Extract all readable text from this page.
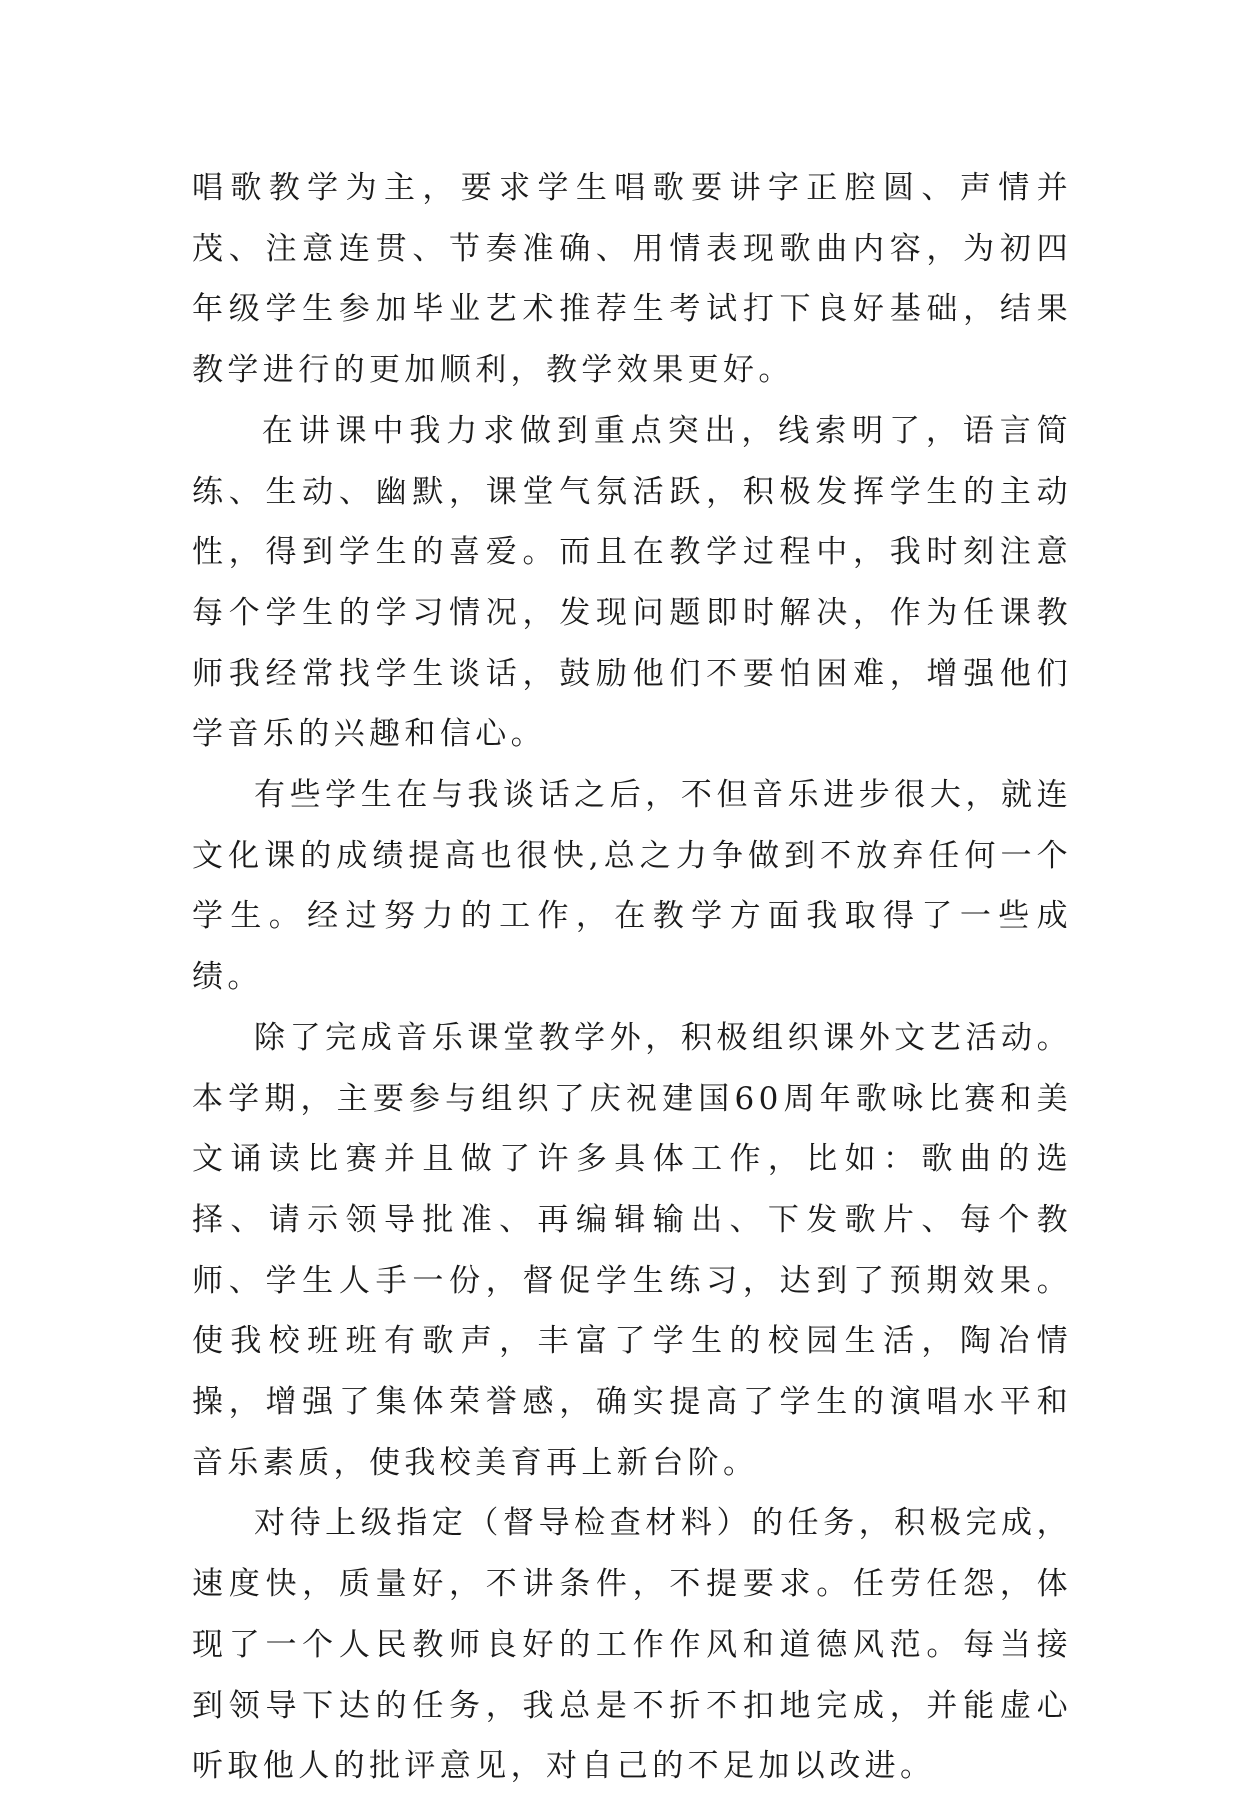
唱歌教学为主，要求学生唱歌要讲字正腔圆、声情并茂、注意连贯、节奏准确、用情表现歌曲内容，为初四年级学生参加毕业艺术推荐生考试打下良好基础，结果教学进行的更加顺利，教学效果更好。

在讲课中我力求做到重点突出，线索明了，语言简练、生动、幽默，课堂气氛活跃，积极发挥学生的主动性，得到学生的喜爱。而且在教学过程中，我时刻注意每个学生的学习情况，发现问题即时解决，作为任课教师我经常找学生谈话，鼓励他们不要怕困难，增强他们学音乐的兴趣和信心。

有些学生在与我谈话之后，不但音乐进步很大，就连文化课的成绩提高也很快,总之力争做到不放弃任何一个学生。经过努力的工作，在教学方面我取得了一些成绩。

除了完成音乐课堂教学外，积极组织课外文艺活动。本学期，主要参与组织了庆祝建国60周年歌咏比赛和美文诵读比赛并且做了许多具体工作，比如：歌曲的选择、请示领导批准、再编辑输出、下发歌片、每个教师、学生人手一份，督促学生练习，达到了预期效果。使我校班班有歌声，丰富了学生的校园生活，陶冶情操，增强了集体荣誉感，确实提高了学生的演唱水平和音乐素质，使我校美育再上新台阶。

对待上级指定（督导检查材料）的任务，积极完成，速度快，质量好，不讲条件，不提要求。任劳任怨，体现了一个人民教师良好的工作作风和道德风范。每当接到领导下达的任务，我总是不折不扣地完成，并能虚心听取他人的批评意见，对自己的不足加以改进。
